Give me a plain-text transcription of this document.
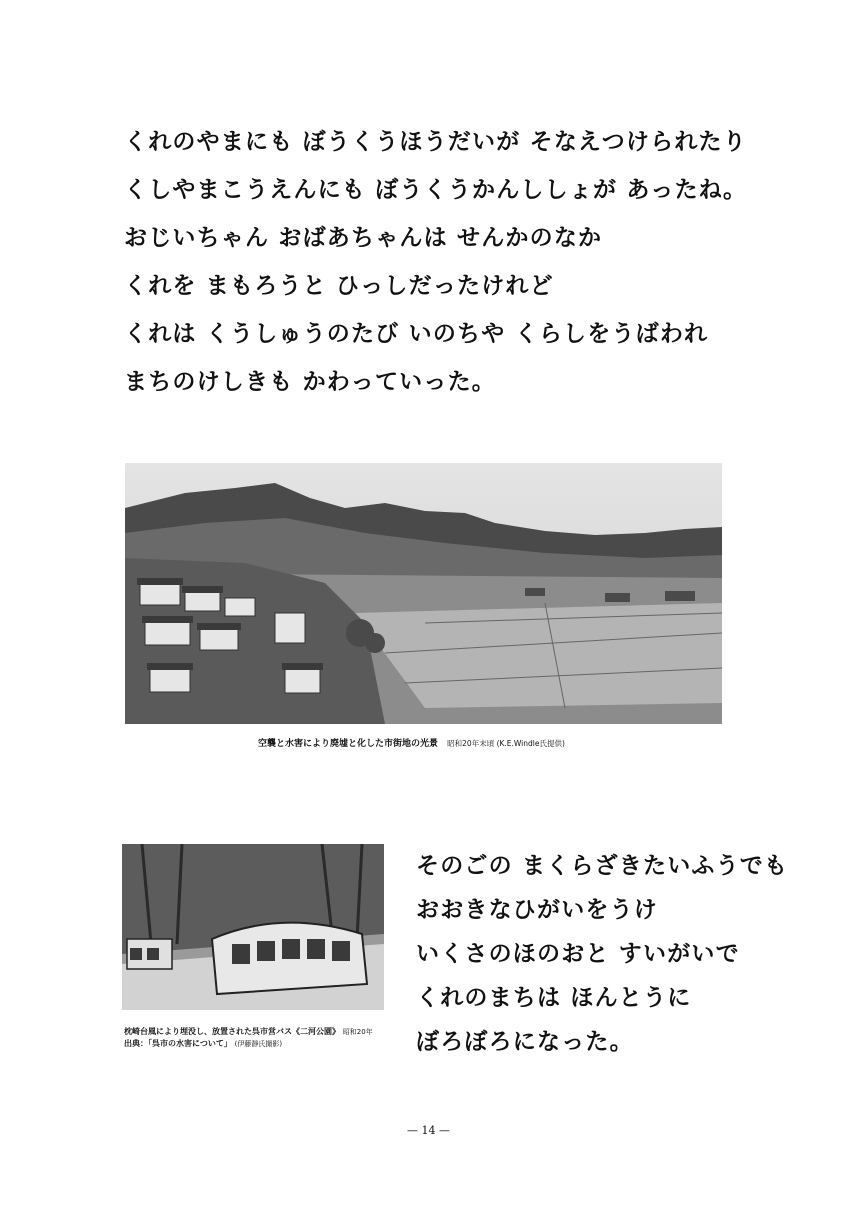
くれのやまにも ぼうくうほうだいが そなえつけられたり
くしやまこうえんにも ぼうくうかんししょが あったね。
おじいちゃん おばあちゃんは せんかのなか
くれを まもろうと ひっしだったけれど
くれは くうしゅうのたび いのちや くらしをうばわれ
まちのけしきも かわっていった。
空襲と水害により廃墟と化した市街地の光景 昭和20年末頃 (K.E.Windle氏提供)
枕崎台風により埋没し、放置された呉市営バス《二河公園》 昭和20年
出典：「呉市の水害について」 (伊藤靜氏撮影)
そのごの まくらざきたいふうでも
おおきなひがいをうけ
いくさのほのおと すいがいで
くれのまちは ほんとうに
ぼろぼろになった。
— 14 —
